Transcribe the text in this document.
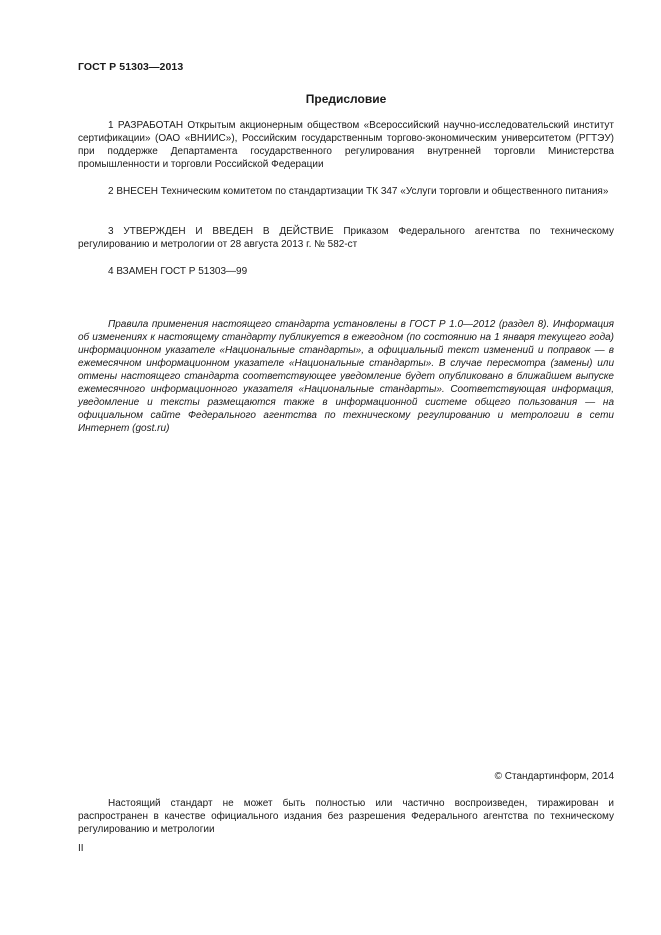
ГОСТ Р 51303—2013
Предисловие

1 РАЗРАБОТАН Открытым акционерным обществом «Всероссийский научно-исследовательский институт сертификации» (ОАО «ВНИИС»), Российским государственным торгово-экономическим университетом (РГТЭУ) при поддержке Департамента государственного регулирования внутренней торговли Министерства промышленности и торговли Российской Федерации

2 ВНЕСЕН Техническим комитетом по стандартизации ТК 347 «Услуги торговли и общественного питания»

3 УТВЕРЖДЕН И ВВЕДЕН В ДЕЙСТВИЕ Приказом Федерального агентства по техническому регулированию и метрологии от 28 августа 2013 г. № 582-ст

4 ВЗАМЕН ГОСТ Р 51303—99

Правила применения настоящего стандарта установлены в ГОСТ Р 1.0—2012 (раздел 8). Информация об изменениях к настоящему стандарту публикуется в ежегодном (по состоянию на 1 января текущего года) информационном указателе «Национальные стандарты», а официальный текст изменений и поправок — в ежемесячном информационном указателе «Национальные стандарты». В случае пересмотра (замены) или отмены настоящего стандарта соответствующее уведомление будет опубликовано в ближайшем выпуске ежемесячного информационного указателя «Национальные стандарты». Соответствующая информация, уведомление и тексты размещаются также в информационной системе общего пользования — на официальном сайте Федерального агентства по техническому регулированию и метрологии в сети Интернет (gost.ru)

© Стандартинформ, 2014

Настоящий стандарт не может быть полностью или частично воспроизведен, тиражирован и распространен в качестве официального издания без разрешения Федерального агентства по техническому регулированию и метрологии

II
